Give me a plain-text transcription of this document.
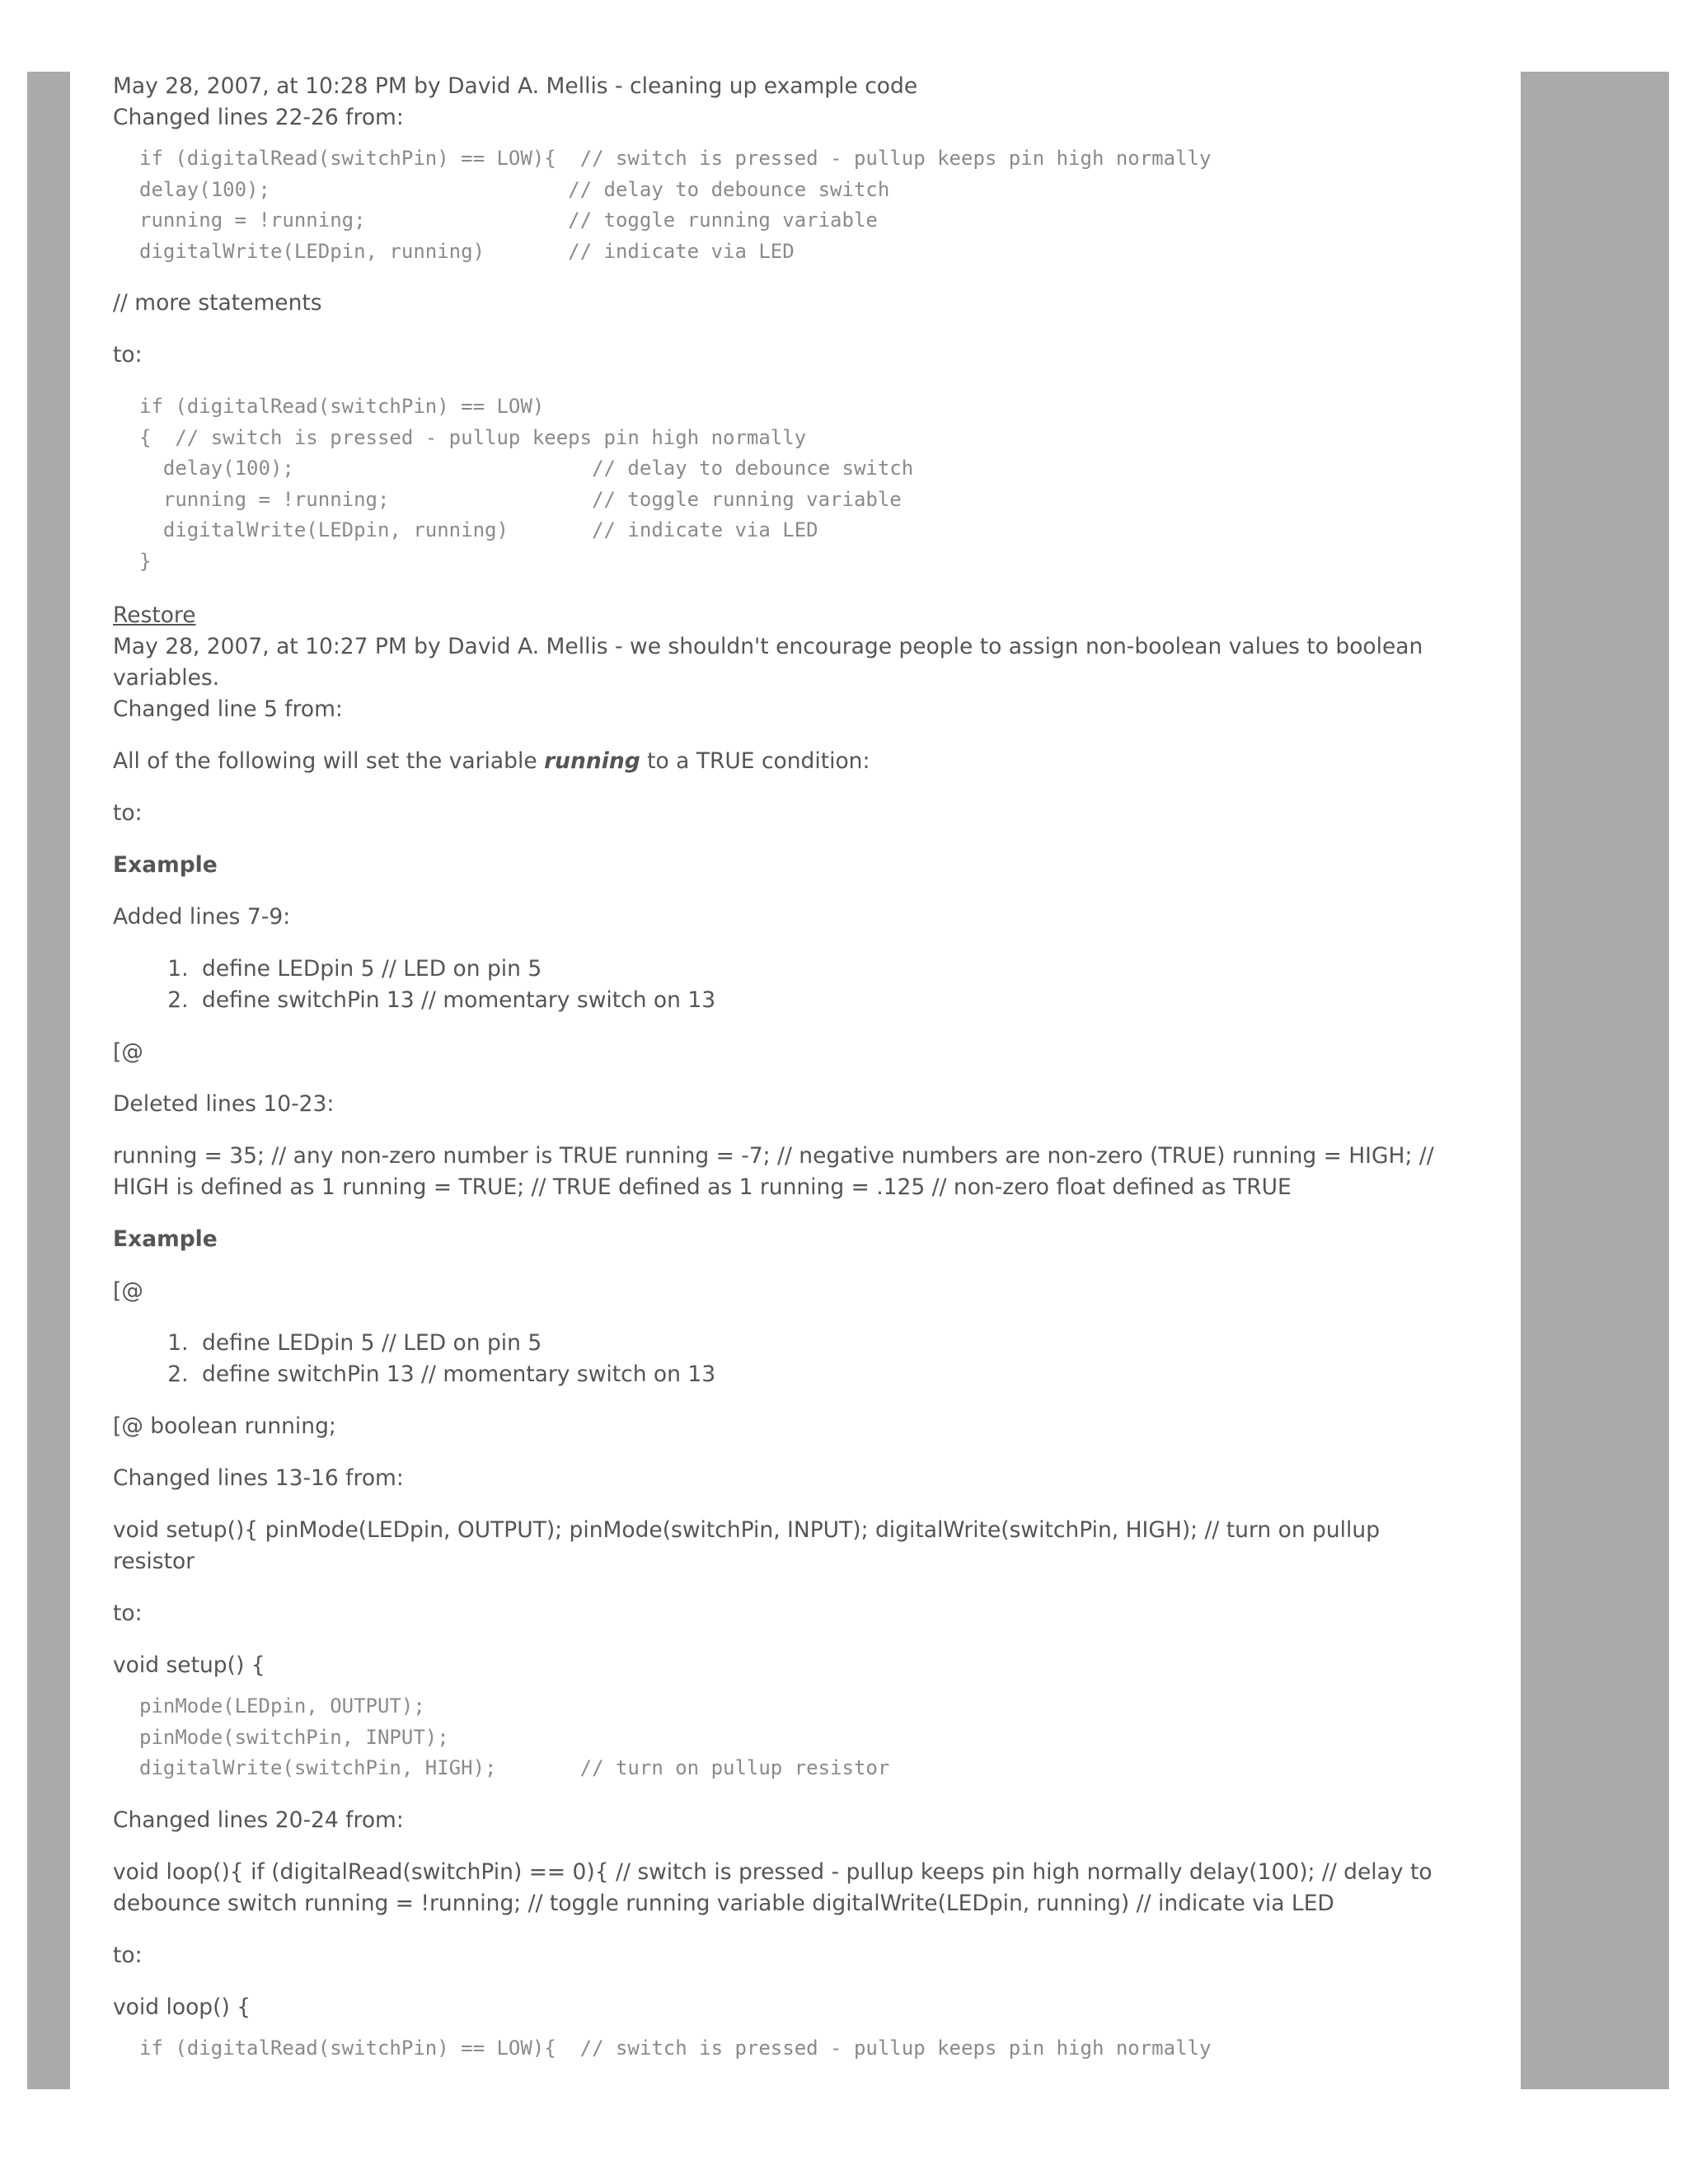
May 28, 2007, at 10:28 PM by David A. Mellis - cleaning up example code

Changed lines 22-26 from:

if (digitalRead(switchPin) == LOW){  // switch is pressed - pullup keeps pin high normally
delay(100);                         // delay to debounce switch
running = !running;                 // toggle running variable
digitalWrite(LEDpin, running)       // indicate via LED

// more statements

to:

if (digitalRead(switchPin) == LOW)
{  // switch is pressed - pullup keeps pin high normally
delay(100);                         // delay to debounce switch
running = !running;                 // toggle running variable
digitalWrite(LEDpin, running)       // indicate via LED
}
Restore

May 28, 2007, at 10:27 PM by David A. Mellis - we shouldn't encourage people to assign non-boolean values to boolean variables.

Changed line 5 from:

All of the following will set the variable running to a TRUE condition:

to:

Example

Added lines 7-9:

1. define LEDpin 5 // LED on pin 5
2. define switchPin 13 // momentary switch on 13

[@

Deleted lines 10-23:

running = 35; // any non-zero number is TRUE running = -7; // negative numbers are non-zero (TRUE) running = HIGH; // HIGH is defined as 1 running = TRUE; // TRUE defined as 1 running = .125 // non-zero float defined as TRUE

Example

[@

1. define LEDpin 5 // LED on pin 5
2. define switchPin 13 // momentary switch on 13

[@ boolean running;

Changed lines 13-16 from:

void setup(){ pinMode(LEDpin, OUTPUT); pinMode(switchPin, INPUT); digitalWrite(switchPin, HIGH); // turn on pullup resistor

to:

void setup() {

pinMode(LEDpin, OUTPUT);
pinMode(switchPin, INPUT);
digitalWrite(switchPin, HIGH);       // turn on pullup resistor

Changed lines 20-24 from:

void loop(){ if (digitalRead(switchPin) == 0){ // switch is pressed - pullup keeps pin high normally delay(100); // delay to debounce switch running = !running; // toggle running variable digitalWrite(LEDpin, running) // indicate via LED

to:

void loop() {

if (digitalRead(switchPin) == LOW){  // switch is pressed - pullup keeps pin high normally
